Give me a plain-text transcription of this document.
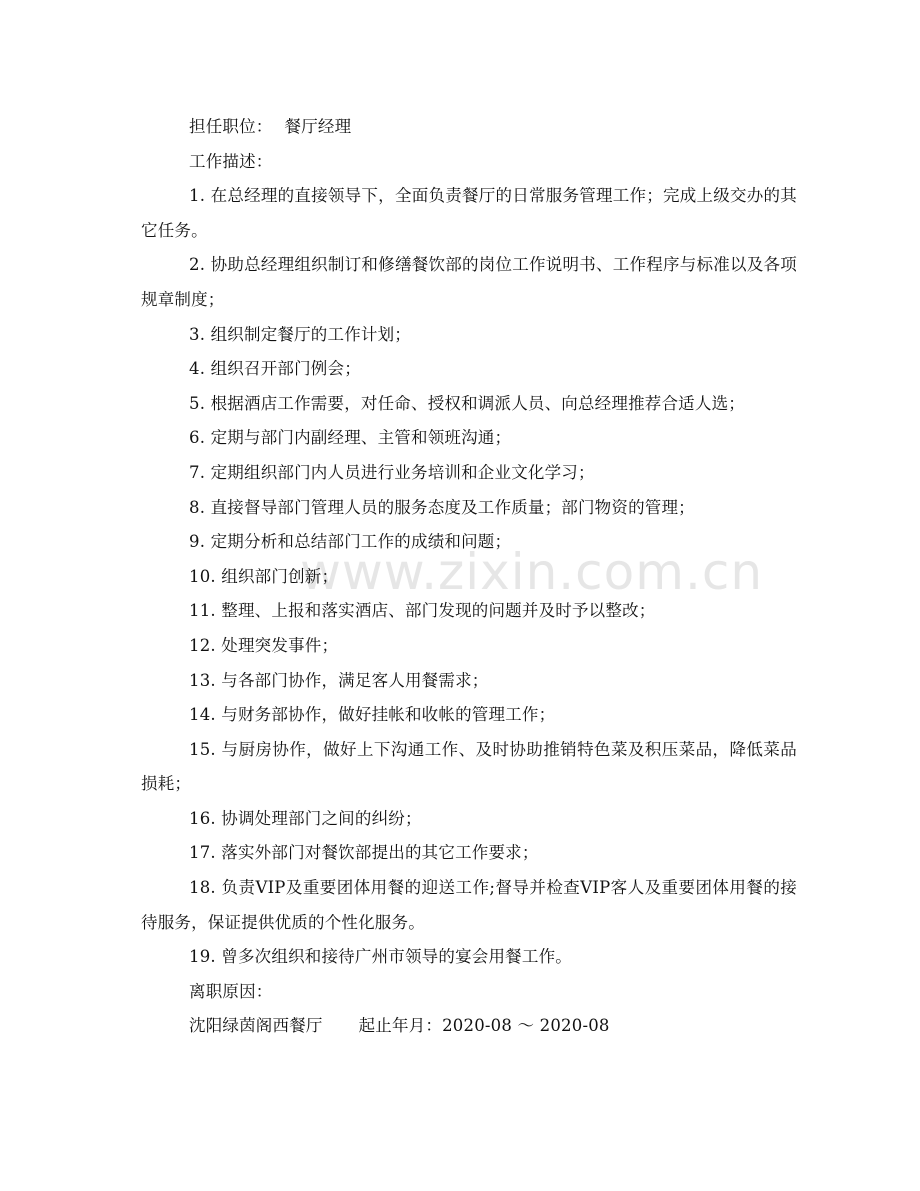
www.zixin.com.cn

担任职位： 餐厅经理

工作描述：

1. 在总经理的直接领导下，全面负责餐厅的日常服务管理工作；完成上级交办的其它任务。

2. 协助总经理组织制订和修缮餐饮部的岗位工作说明书、工作程序与标准以及各项规章制度；

3. 组织制定餐厅的工作计划；

4. 组织召开部门例会；

5. 根据酒店工作需要，对任命、授权和调派人员、向总经理推荐合适人选；

6. 定期与部门内副经理、主管和领班沟通；

7. 定期组织部门内人员进行业务培训和企业文化学习；

8. 直接督导部门管理人员的服务态度及工作质量；部门物资的管理；

9. 定期分析和总结部门工作的成绩和问题；

10. 组织部门创新；

11. 整理、上报和落实酒店、部门发现的问题并及时予以整改；

12. 处理突发事件；

13. 与各部门协作，满足客人用餐需求；

14. 与财务部协作，做好挂帐和收帐的管理工作；

15. 与厨房协作，做好上下沟通工作、及时协助推销特色菜及积压菜品，降低菜品损耗；

16. 协调处理部门之间的纠纷；

17. 落实外部门对餐饮部提出的其它工作要求；

18. 负责VIP及重要团体用餐的迎送工作;督导并检查VIP客人及重要团体用餐的接待服务，保证提供优质的个性化服务。

19. 曾多次组织和接待广州市领导的宴会用餐工作。

离职原因：

沈阳绿茵阁西餐厅 起止年月：2020-08 ～ 2020-08
